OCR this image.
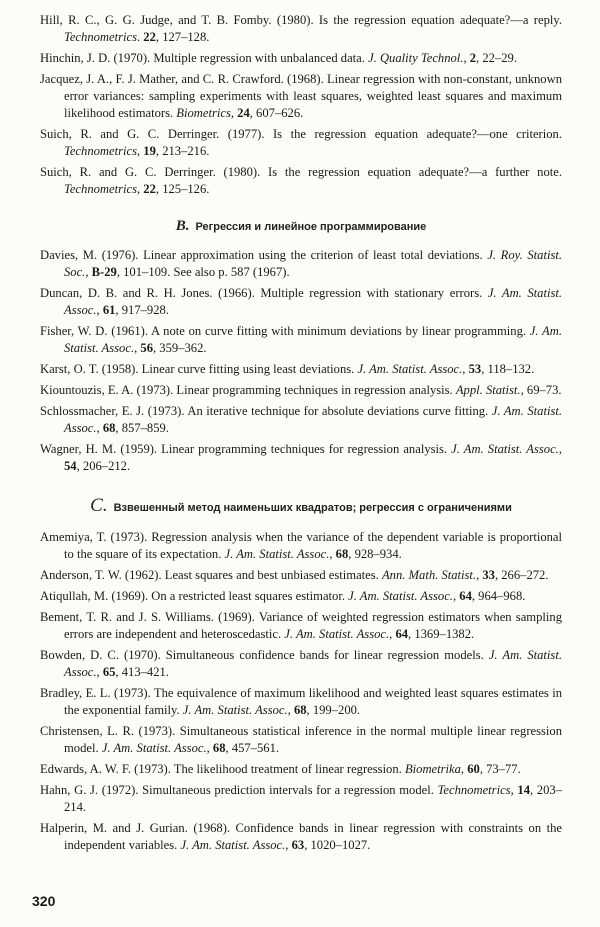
Hill, R. C., G. G. Judge, and T. B. Fomby. (1980). Is the regression equation adequate?—a reply. Technometrics. 22, 127–128.
Hinchin, J. D. (1970). Multiple regression with unbalanced data. J. Quality Technol., 2, 22–29.
Jacquez, J. A., F. J. Mather, and C. R. Crawford. (1968). Linear regression with non-constant, unknown error variances: sampling experiments with least squares, weighted least squares and maximum likelihood estimators. Biometrics, 24, 607–626.
Suich, R. and G. C. Derringer. (1977). Is the regression equation adequate?—one criterion. Technometrics, 19, 213–216.
Suich, R. and G. C. Derringer. (1980). Is the regression equation adequate?—a further note. Technometrics, 22, 125–126.
B. Регрессия и линейное программирование
Davies, M. (1976). Linear approximation using the criterion of least total deviations. J. Roy. Statist. Soc., B-29, 101–109. See also p. 587 (1967).
Duncan, D. B. and R. H. Jones. (1966). Multiple regression with stationary errors. J. Am. Statist. Assoc., 61, 917–928.
Fisher, W. D. (1961). A note on curve fitting with minimum deviations by linear programming. J. Am. Statist. Assoc., 56, 359–362.
Karst, O. T. (1958). Linear curve fitting using least deviations. J. Am. Statist. Assoc., 53, 118–132.
Kiountouzis, E. A. (1973). Linear programming techniques in regression analysis. Appl. Statist., 69–73.
Schlossmacher, E. J. (1973). An iterative technique for absolute deviations curve fitting. J. Am. Statist. Assoc., 68, 857–859.
Wagner, H. M. (1959). Linear programming techniques for regression analysis. J. Am. Statist. Assoc., 54, 206–212.
C. Взвешенный метод наименьших квадратов; регрессия с ограничениями
Amemiya, T. (1973). Regression analysis when the variance of the dependent variable is proportional to the square of its expectation. J. Am. Statist. Assoc., 68, 928–934.
Anderson, T. W. (1962). Least squares and best unbiased estimates. Ann. Math. Statist., 33, 266–272.
Atiqullah, M. (1969). On a restricted least squares estimator. J. Am. Statist. Assoc., 64, 964–968.
Bement, T. R. and J. S. Williams. (1969). Variance of weighted regression estimators when sampling errors are independent and heteroscedastic. J. Am. Statist. Assoc., 64, 1369–1382.
Bowden, D. C. (1970). Simultaneous confidence bands for linear regression models. J. Am. Statist. Assoc., 65, 413–421.
Bradley, E. L. (1973). The equivalence of maximum likelihood and weighted least squares estimates in the exponential family. J. Am. Statist. Assoc., 68, 199–200.
Christensen, L. R. (1973). Simultaneous statistical inference in the normal multiple linear regression model. J. Am. Statist. Assoc., 68, 457–561.
Edwards, A. W. F. (1973). The likelihood treatment of linear regression. Biometrika, 60, 73–77.
Hahn, G. J. (1972). Simultaneous prediction intervals for a regression model. Technometrics, 14, 203–214.
Halperin, M. and J. Gurian. (1968). Confidence bands in linear regression with constraints on the independent variables. J. Am. Statist. Assoc., 63, 1020–1027.
320
